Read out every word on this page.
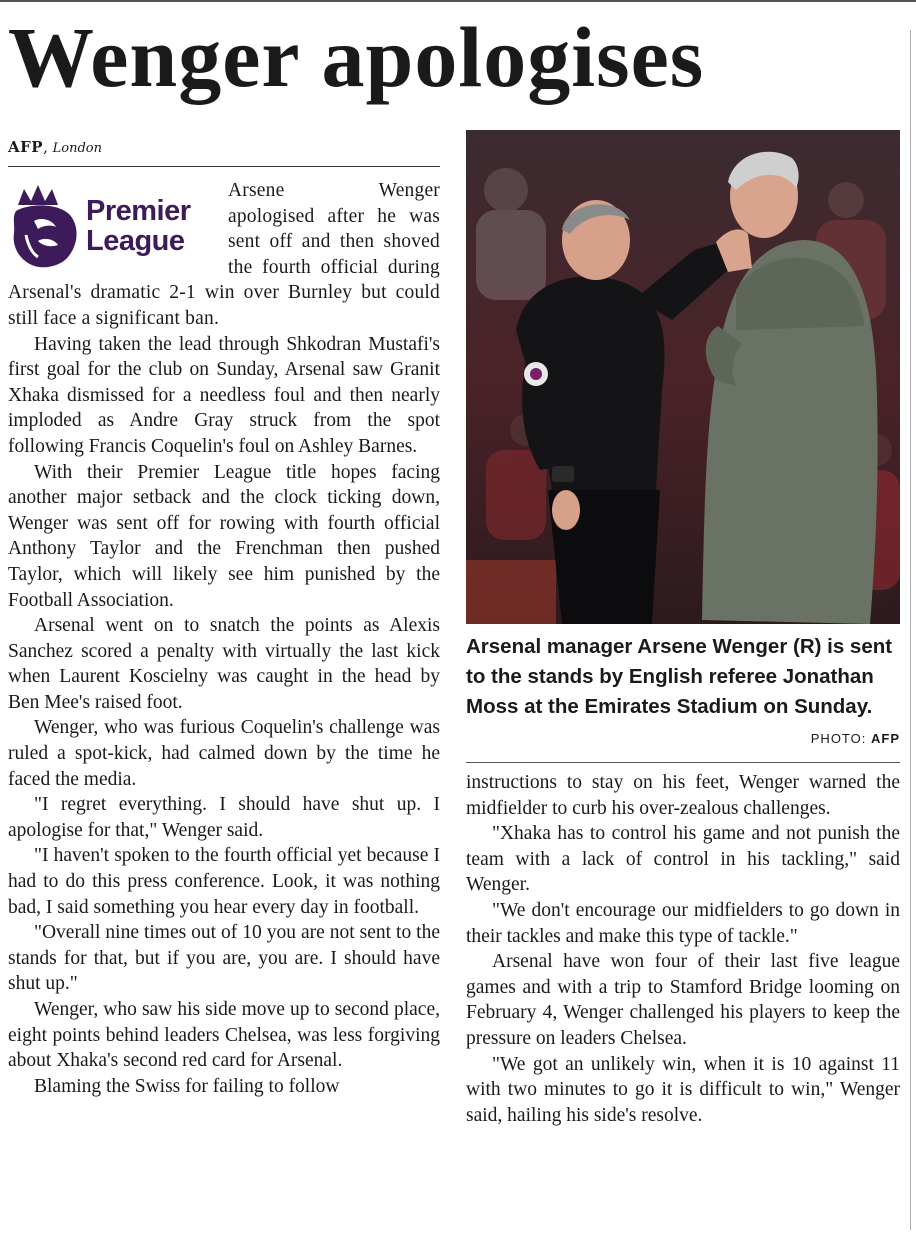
Wenger apologises
AFP, London
Premier
League

Arsene Wenger apologised after he was sent off and then shoved the fourth official during Arsenal's dramatic 2-1 win over Burnley but could still face a significant ban.

Having taken the lead through Shkodran Mustafi's first goal for the club on Sunday, Arsenal saw Granit Xhaka dismissed for a needless foul and then nearly imploded as Andre Gray struck from the spot following Francis Coquelin's foul on Ashley Barnes.

With their Premier League title hopes facing another major setback and the clock ticking down, Wenger was sent off for rowing with fourth official Anthony Taylor and the Frenchman then pushed Taylor, which will likely see him punished by the Football Association.

Arsenal went on to snatch the points as Alexis Sanchez scored a penalty with virtually the last kick when Laurent Koscielny was caught in the head by Ben Mee's raised foot.

Wenger, who was furious Coquelin's challenge was ruled a spot-kick, had calmed down by the time he faced the media.

"I regret everything. I should have shut up. I apologise for that," Wenger said.

"I haven't spoken to the fourth official yet because I had to do this press conference. Look, it was nothing bad, I said something you hear every day in football.

"Overall nine times out of 10 you are not sent to the stands for that, but if you are, you are. I should have shut up."

Wenger, who saw his side move up to second place, eight points behind leaders Chelsea, was less forgiving about Xhaka's second red card for Arsenal.

Blaming the Swiss for failing to follow

Arsenal manager Arsene Wenger (R) is sent to the stands by English referee Jonathan Moss at the Emirates Stadium on Sunday.
PHOTO: AFP

instructions to stay on his feet, Wenger warned the midfielder to curb his over-zealous challenges.

"Xhaka has to control his game and not punish the team with a lack of control in his tackling," said Wenger.

"We don't encourage our midfielders to go down in their tackles and make this type of tackle."

Arsenal have won four of their last five league games and with a trip to Stamford Bridge looming on February 4, Wenger challenged his players to keep the pressure on leaders Chelsea.

"We got an unlikely win, when it is 10 against 11 with two minutes to go it is difficult to win," Wenger said, hailing his side's resolve.
